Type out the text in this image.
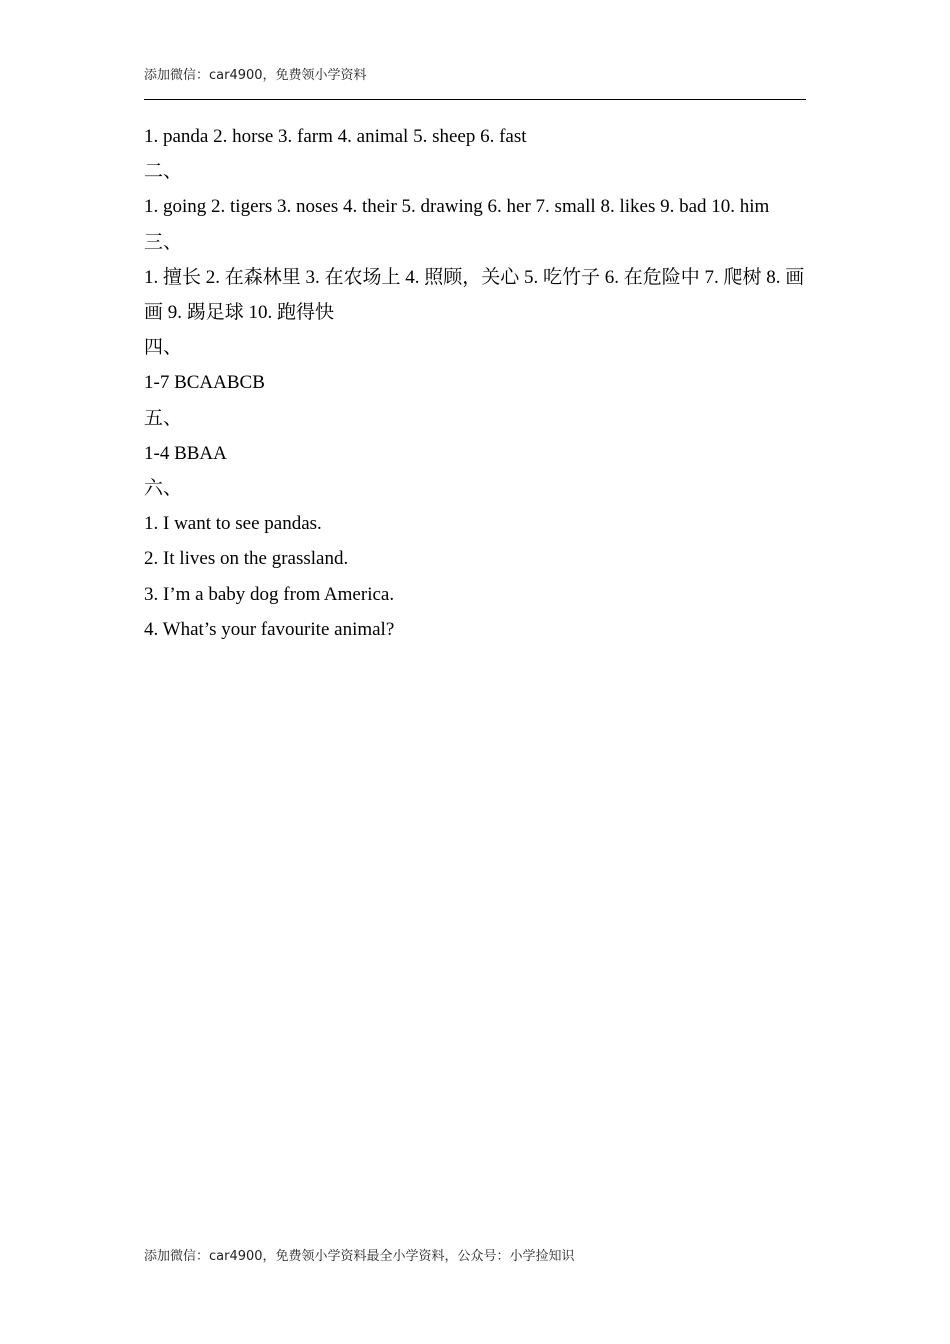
添加微信：car4900，免费领小学资料
1. panda 2. horse 3. farm 4. animal 5. sheep 6. fast
二、
1. going 2. tigers 3. noses 4. their 5. drawing 6. her 7. small 8. likes 9. bad 10. him
三、
1. 擅长 2. 在森林里 3. 在农场上 4. 照顾，关心 5. 吃竹子 6. 在危险中 7. 爬树 8. 画画 9. 踢足球 10. 跑得快
四、
1-7 BCAABCB
五、
1-4 BBAA
六、
1. I want to see pandas.
2. It lives on the grassland.
3. I’m a baby dog from America.
4. What’s your favourite animal?
添加微信：car4900，免费领小学资料最全小学资料，公众号：小学捡知识
